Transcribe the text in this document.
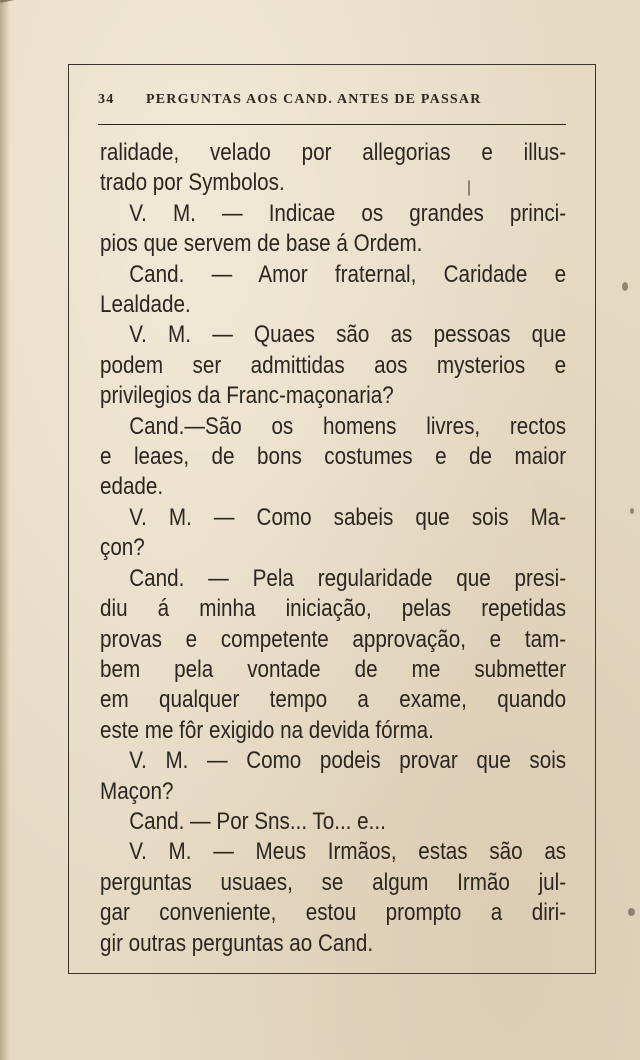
34 PERGUNTAS AOS CAND. ANTES DE PASSAR
ralidade, velado por allegorias e illus-
trado por Symbolos.
V. M. — Indicae os grandes princi-
pios que servem de base á Ordem.
Cand. — Amor fraternal, Caridade e
Lealdade.
V. M. — Quaes são as pessoas que
podem ser admittidas aos mysterios e
privilegios da Franc-maçonaria?
Cand.—São os homens livres, rectos
e leaes, de bons costumes e de maior
edade.
V. M. — Como sabeis que sois Ma-
çon?
Cand. — Pela regularidade que presi-
diu á minha iniciação, pelas repetidas
provas e competente approvação, e tam-
bem pela vontade de me submetter
em qualquer tempo a exame, quando
este me fôr exigido na devida fórma.
V. M. — Como podeis provar que sois
Maçon?
Cand. — Por Sns... To... e...
V. M. — Meus Irmãos, estas são as
perguntas usuaes, se algum Irmão jul-
gar conveniente, estou prompto a diri-
gir outras perguntas ao Cand.
